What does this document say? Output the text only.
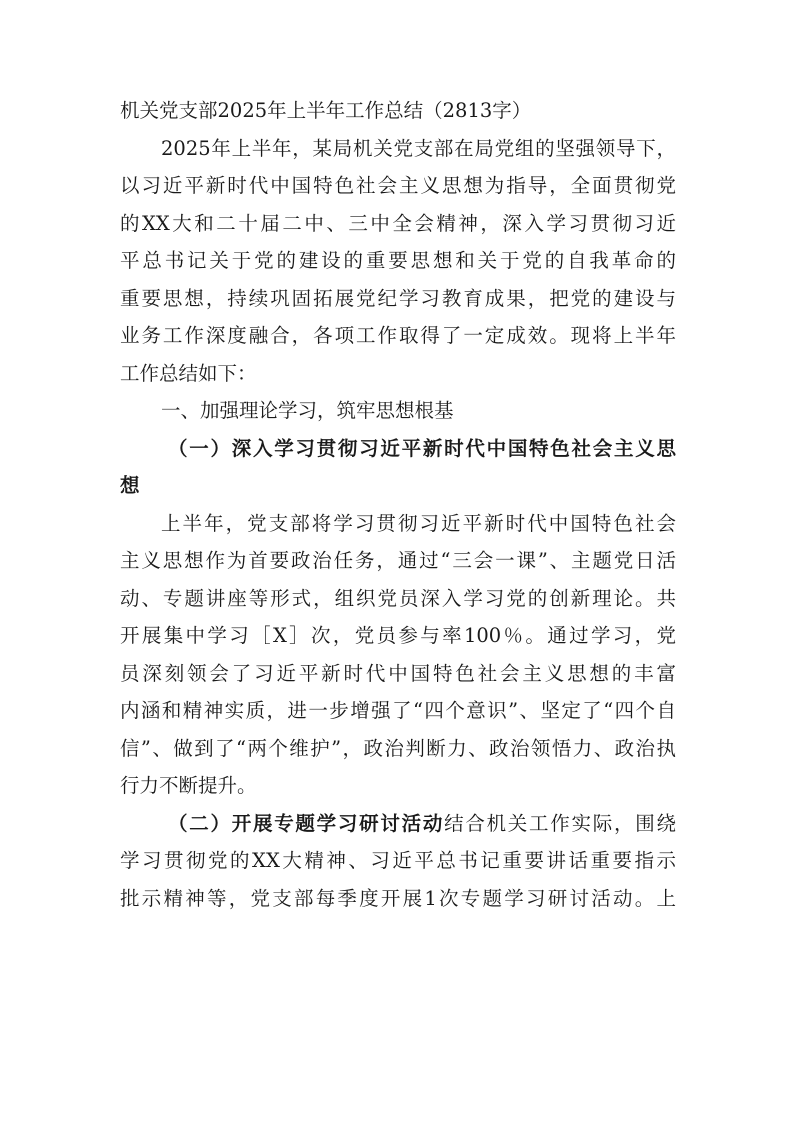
机关党支部2025年上半年工作总结（2813字）
2025年上半年，某局机关党支部在局党组的坚强领导下，
以习近平新时代中国特色社会主义思想为指导，全面贯彻党
的XX大和二十届二中、三中全会精神，深入学习贯彻习近
平总书记关于党的建设的重要思想和关于党的自我革命的
重要思想，持续巩固拓展党纪学习教育成果，把党的建设与
业务工作深度融合，各项工作取得了一定成效。现将上半年
工作总结如下：
一、加强理论学习，筑牢思想根基
（一）深入学习贯彻习近平新时代中国特色社会主义思
想
上半年，党支部将学习贯彻习近平新时代中国特色社会
主义思想作为首要政治任务，通过“三会一课”、主题党日活
动、专题讲座等形式，组织党员深入学习党的创新理论。共
开展集中学习［X］次，党员参与率100％。通过学习，党
员深刻领会了习近平新时代中国特色社会主义思想的丰富
内涵和精神实质，进一步增强了“四个意识”、坚定了“四个自
信”、做到了“两个维护”，政治判断力、政治领悟力、政治执
行力不断提升。
（二）开展专题学习研讨活动结合机关工作实际，围绕
学习贯彻党的XX大精神、习近平总书记重要讲话重要指示
批示精神等，党支部每季度开展1次专题学习研讨活动。上
